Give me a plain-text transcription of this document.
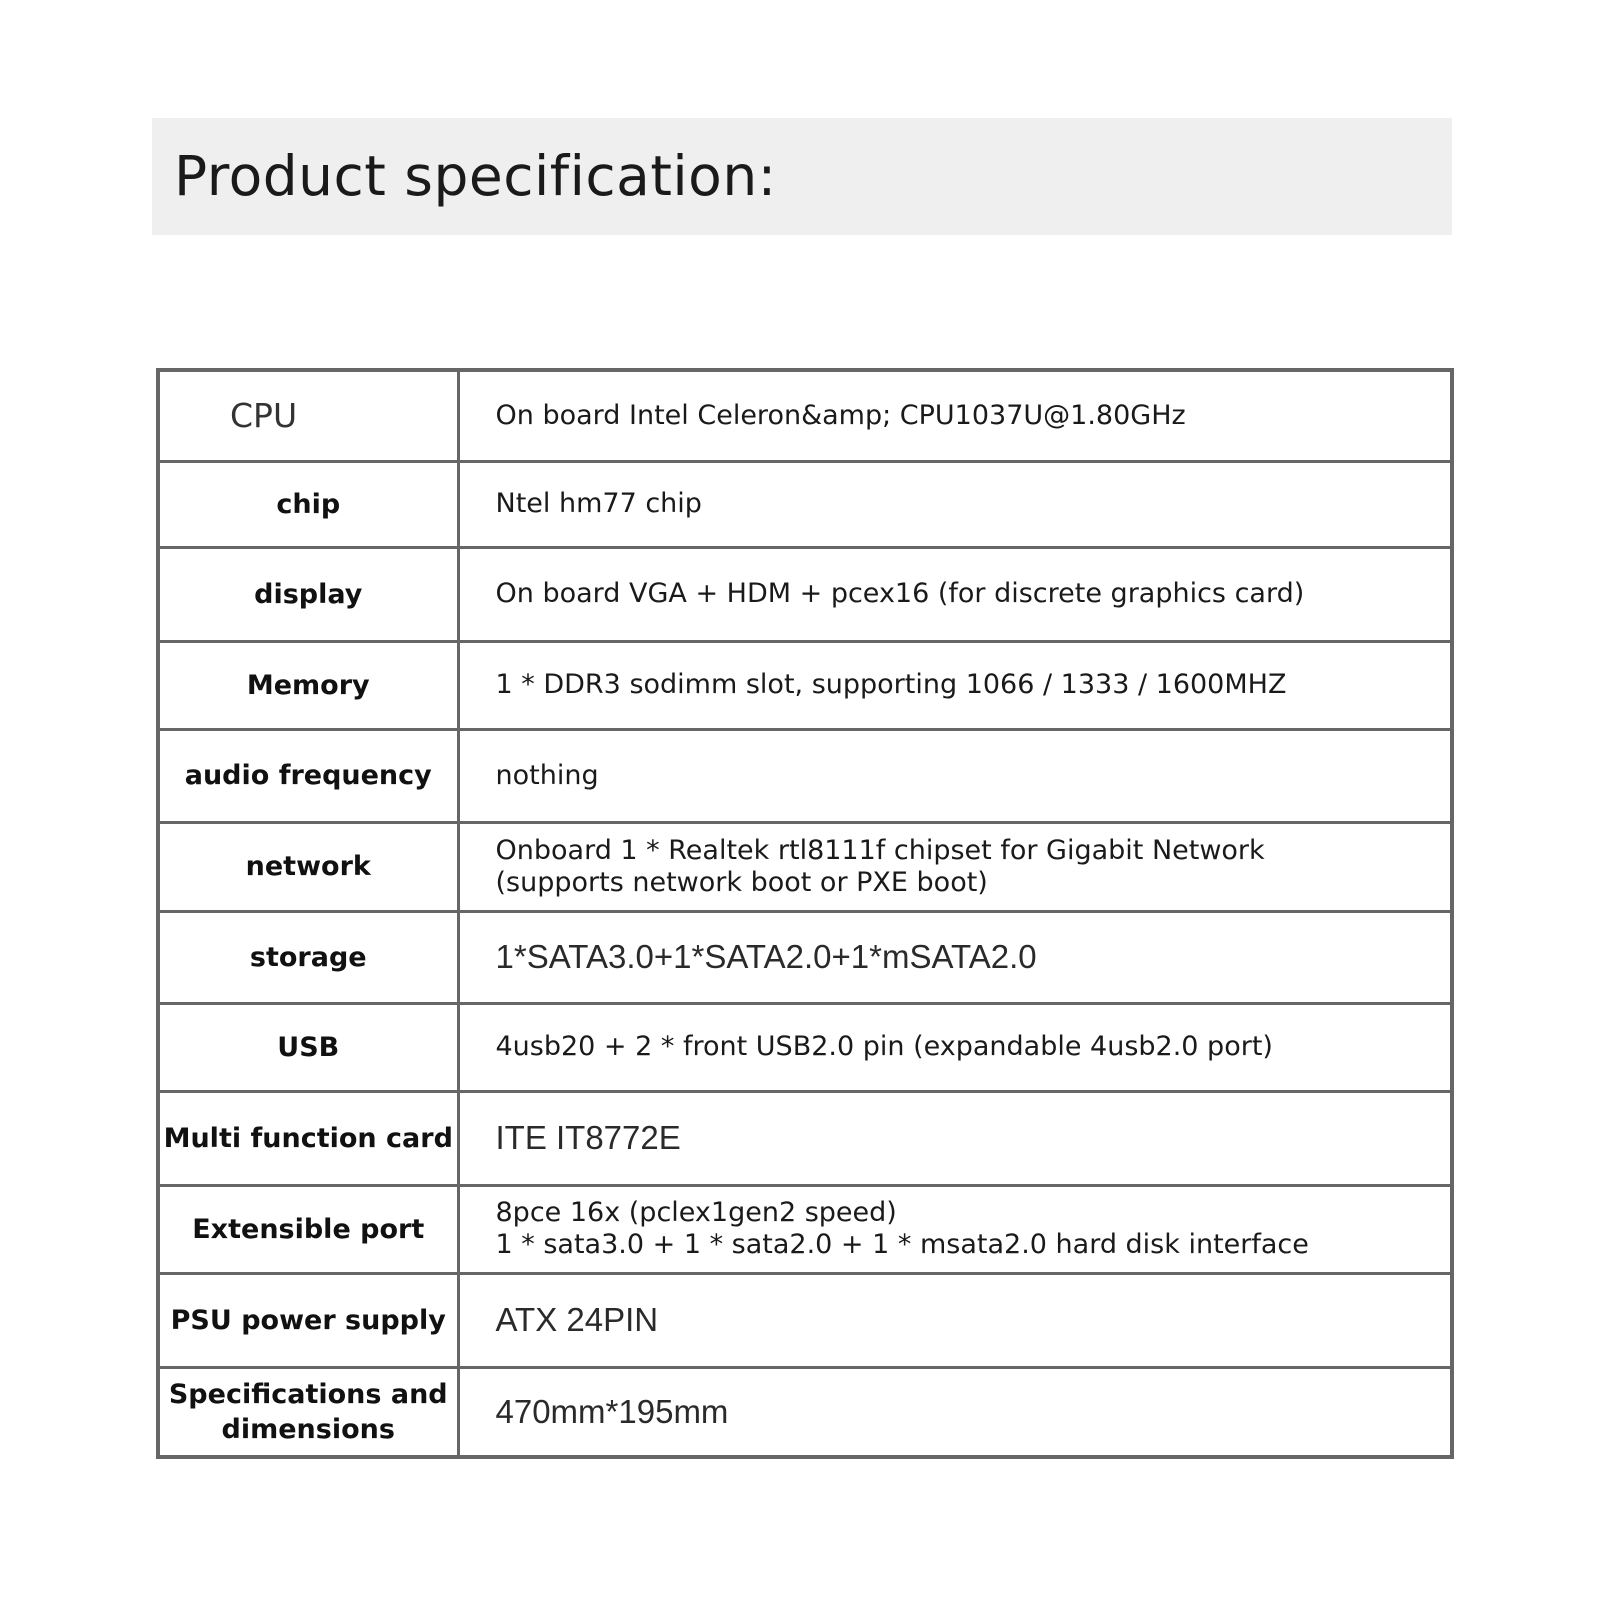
Product specification:
CPU	On board Intel Celeron&amp; CPU1037U@1.80GHz

chip	Ntel hm77 chip

display	On board VGA + HDM + pcex16 (for discrete graphics card)

Memory	1 * DDR3 sodimm slot, supporting 1066 / 1333 / 1600MHZ

audio frequency	nothing

network	Onboard 1 * Realtek rtl8111f chipset for Gigabit Network
(supports network boot or PXE boot)

storage	1*SATA3.0+1*SATA2.0+1*mSATA2.0

USB	4usb20 + 2 * front USB2.0 pin (expandable 4usb2.0 port)

Multi function card	ITE IT8772E

Extensible port	8pce 16x (pclex1gen2 speed)
1 * sata3.0 + 1 * sata2.0 + 1 * msata2.0 hard disk interface

PSU power supply	ATX 24PIN

Specifications and dimensions	470mm*195mm
